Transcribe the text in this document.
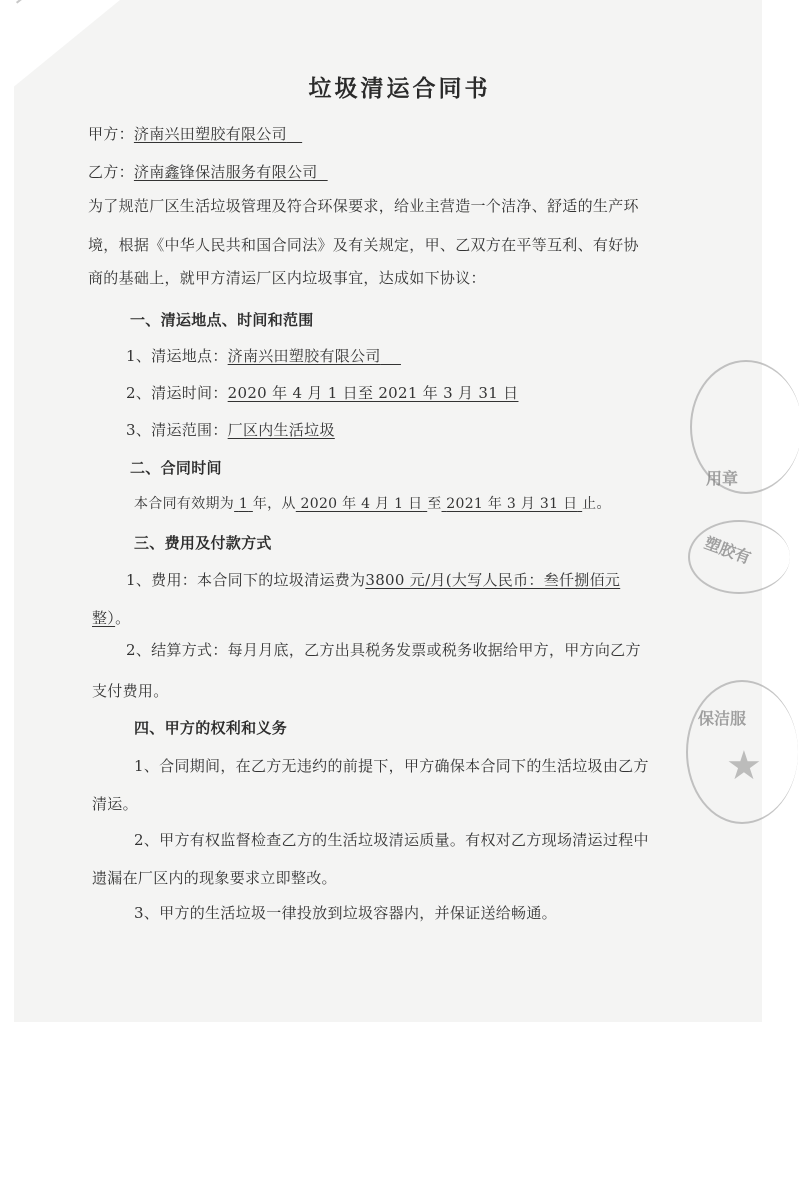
垃圾清运合同书
甲方：济南兴田塑胶有限公司
乙方：济南鑫锋保洁服务有限公司
为了规范厂区生活垃圾管理及符合环保要求，给业主营造一个洁净、舒适的生产环
境，根据《中华人民共和国合同法》及有关规定，甲、乙双方在平等互利、有好协
商的基础上，就甲方清运厂区内垃圾事宜，达成如下协议：
一、清运地点、时间和范围
1、清运地点：济南兴田塑胶有限公司
2、清运时间：2020 年 4 月 1 日至 2021 年 3 月 31 日
3、清运范围：厂区内生活垃圾
二、合同时间
本合同有效期为 1 年，从 2020 年 4 月 1 日 至 2021 年 3 月 31 日 止。
三、费用及付款方式
1、费用：本合同下的垃圾清运费为3800 元/月(大写人民币：叁仟捌佰元
整）。
2、结算方式：每月月底，乙方出具税务发票或税务收据给甲方，甲方向乙方
支付费用。
四、甲方的权利和义务
1、合同期间，在乙方无违约的前提下，甲方确保本合同下的生活垃圾由乙方
清运。
2、甲方有权监督检查乙方的生活垃圾清运质量。有权对乙方现场清运过程中
遗漏在厂区内的现象要求立即整改。
3、甲方的生活垃圾一律投放到垃圾容器内，并保证送给畅通。
用章
塑胶有
保洁服
★
